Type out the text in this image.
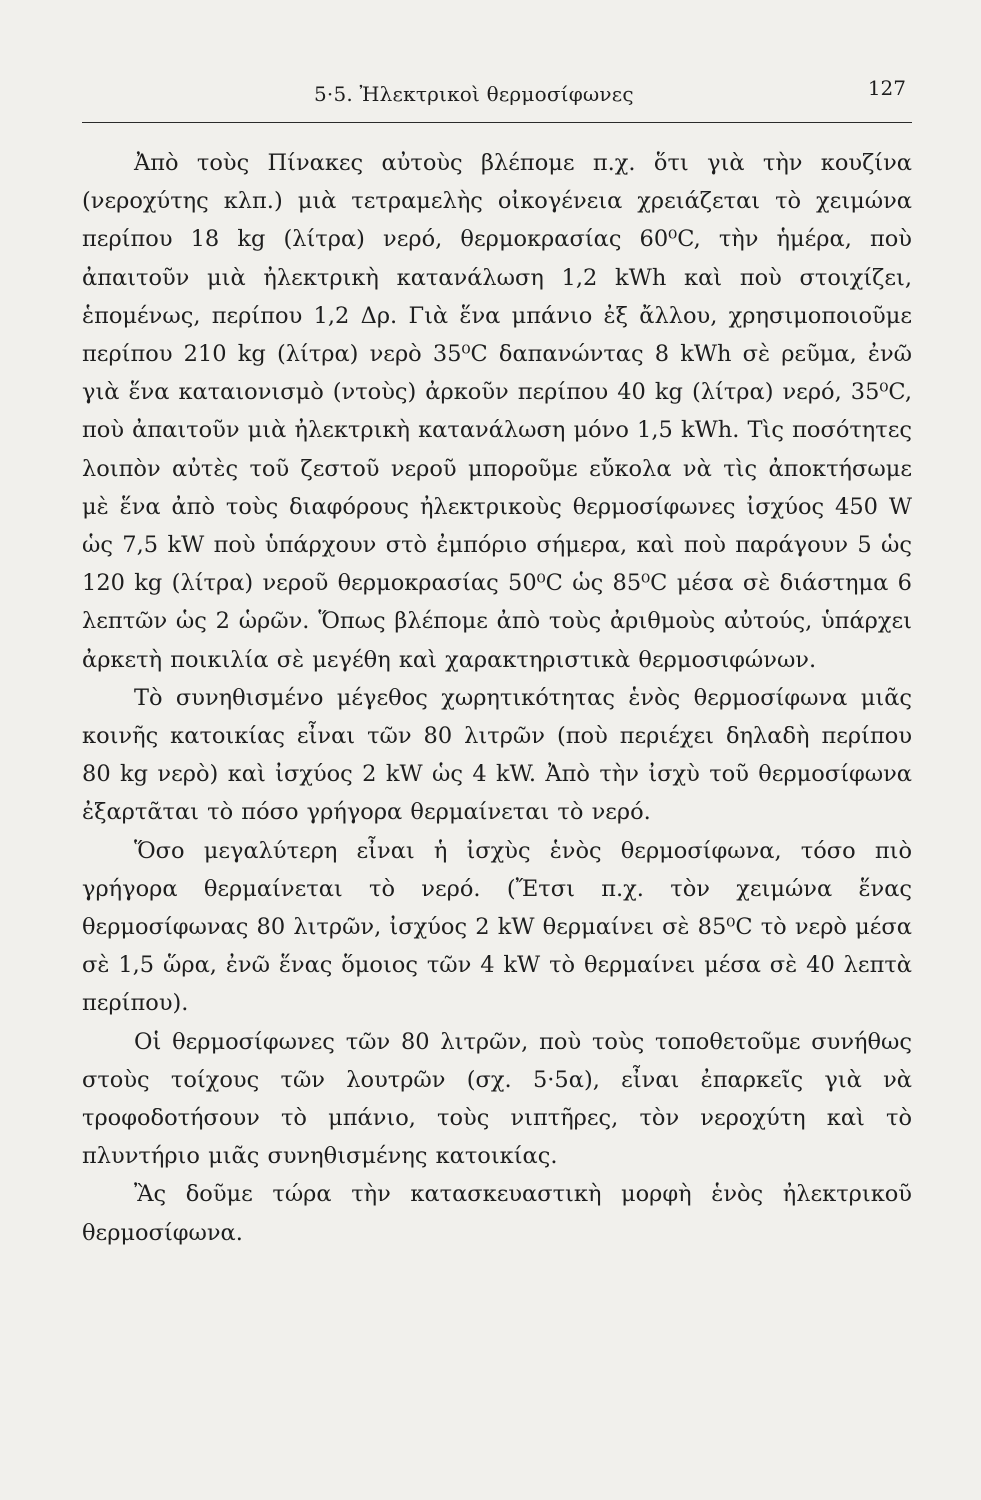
5·5. Ἠλεκτρικοὶ θερμοσίφωνες	127

Ἀπὸ τοὺς Πίνακες αὐτοὺς βλέπομε π.χ. ὅτι γιὰ τὴν κουζίνα (νεροχύτης κλπ.) μιὰ τετραμελὴς οἰκογένεια χρειάζεται τὸ χειμώνα περίπου 18 kg (λίτρα) νερό, θερμοκρασίας 60⁰C, τὴν ἡμέρα, ποὺ ἀπαιτοῦν μιὰ ἠλεκτρικὴ κατανάλωση 1,2 kWh καὶ ποὺ στοιχίζει, ἑπομένως, περίπου 1,2 Δρ. Γιὰ ἕνα μπάνιο ἐξ ἄλλου, χρησιμοποιοῦμε περίπου 210 kg (λίτρα) νερὸ 35⁰C δαπανώντας 8 kWh σὲ ρεῦμα, ἐνῶ γιὰ ἕνα καταιονισμὸ (ντοὺς) ἀρκοῦν περίπου 40 kg (λίτρα) νερό, 35⁰C, ποὺ ἀπαιτοῦν μιὰ ἠλεκτρικὴ κατανάλωση μόνο 1,5 kWh. Τὶς ποσότητες λοιπὸν αὐτὲς τοῦ ζεστοῦ νεροῦ μποροῦμε εὔκολα νὰ τὶς ἀποκτήσωμε μὲ ἕνα ἀπὸ τοὺς διαφόρους ἠλεκτρικοὺς θερμοσίφωνες ἰσχύος 450 W ὡς 7,5 kW ποὺ ὑπάρχουν στὸ ἐμπόριο σήμερα, καὶ ποὺ παράγουν 5 ὡς 120 kg (λίτρα) νεροῦ θερμοκρασίας 50⁰C ὡς 85⁰C μέσα σὲ διάστημα 6 λεπτῶν ὡς 2 ὡρῶν. Ὅπως βλέπομε ἀπὸ τοὺς ἀριθμοὺς αὐτούς, ὑπάρχει ἀρκετὴ ποικιλία σὲ μεγέθη καὶ χαρακτηριστικὰ θερμοσιφώνων.

Τὸ συνηθισμένο μέγεθος χωρητικότητας ἑνὸς θερμοσίφωνα μιᾶς κοινῆς κατοικίας εἶναι τῶν 80 λιτρῶν (ποὺ περιέχει δηλαδὴ περίπου 80 kg νερὸ) καὶ ἰσχύος 2 kW ὡς 4 kW. Ἀπὸ τὴν ἰσχὺ τοῦ θερμοσίφωνα ἐξαρτᾶται τὸ πόσο γρήγορα θερμαίνεται τὸ νερό.

Ὅσο μεγαλύτερη εἶναι ἡ ἰσχὺς ἑνὸς θερμοσίφωνα, τόσο πιὸ γρήγορα θερμαίνεται τὸ νερό. (Ἔτσι π.χ. τὸν χειμώνα ἕνας θερμοσίφωνας 80 λιτρῶν, ἰσχύος 2 kW θερμαίνει σὲ 85⁰C τὸ νερὸ μέσα σὲ 1,5 ὥρα, ἐνῶ ἕνας ὅμοιος τῶν 4 kW τὸ θερμαίνει μέσα σὲ 40 λεπτὰ περίπου).

Οἱ θερμοσίφωνες τῶν 80 λιτρῶν, ποὺ τοὺς τοποθετοῦμε συνήθως στοὺς τοίχους τῶν λουτρῶν (σχ. 5·5α), εἶναι ἐπαρκεῖς γιὰ νὰ τροφοδοτήσουν τὸ μπάνιο, τοὺς νιπτῆρες, τὸν νεροχύτη καὶ τὸ πλυντήριο μιᾶς συνηθισμένης κατοικίας.

Ἂς δοῦμε τώρα τὴν κατασκευαστικὴ μορφὴ ἑνὸς ἠλεκτρικοῦ θερμοσίφωνα.
